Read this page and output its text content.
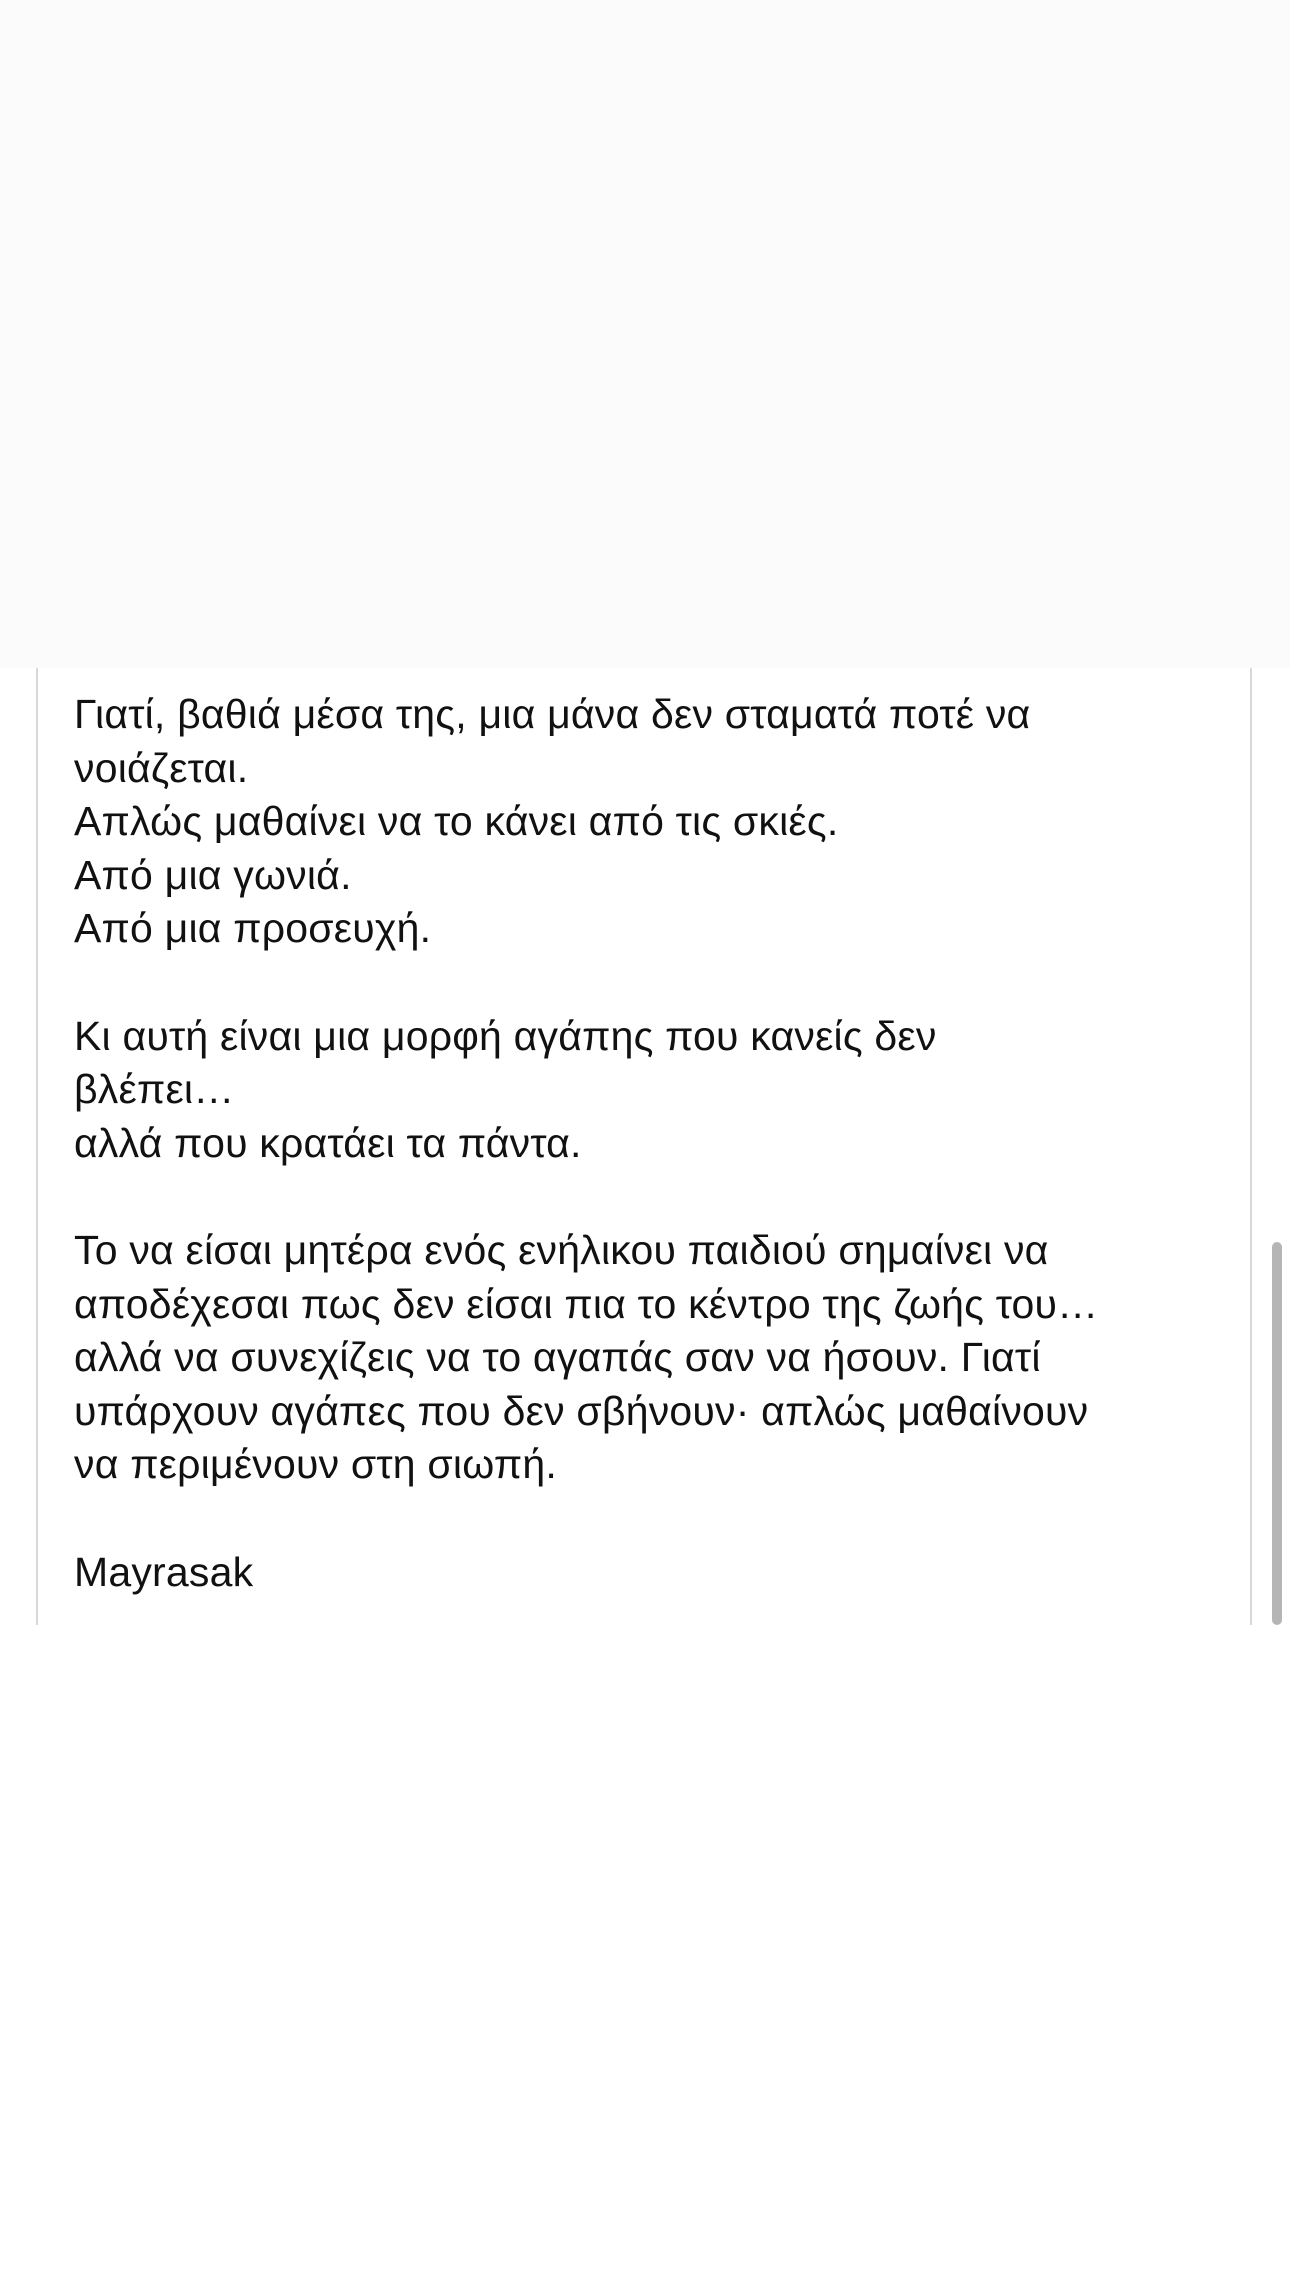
Γιατί, βαθιά μέσα της, μια μάνα δεν σταματά ποτέ να
νοιάζεται.
Απλώς μαθαίνει να το κάνει από τις σκιές.
Από μια γωνιά.
Από μια προσευχή.
Κι αυτή είναι μια μορφή αγάπης που κανείς δεν
βλέπει…
αλλά που κρατάει τα πάντα.
Το να είσαι μητέρα ενός ενήλικου παιδιού σημαίνει να
αποδέχεσαι πως δεν είσαι πια το κέντρο της ζωής του…
αλλά να συνεχίζεις να το αγαπάς σαν να ήσουν. Γιατί
υπάρχουν αγάπες που δεν σβήνουν· απλώς μαθαίνουν
να περιμένουν στη σιωπή.
Mayrasak
